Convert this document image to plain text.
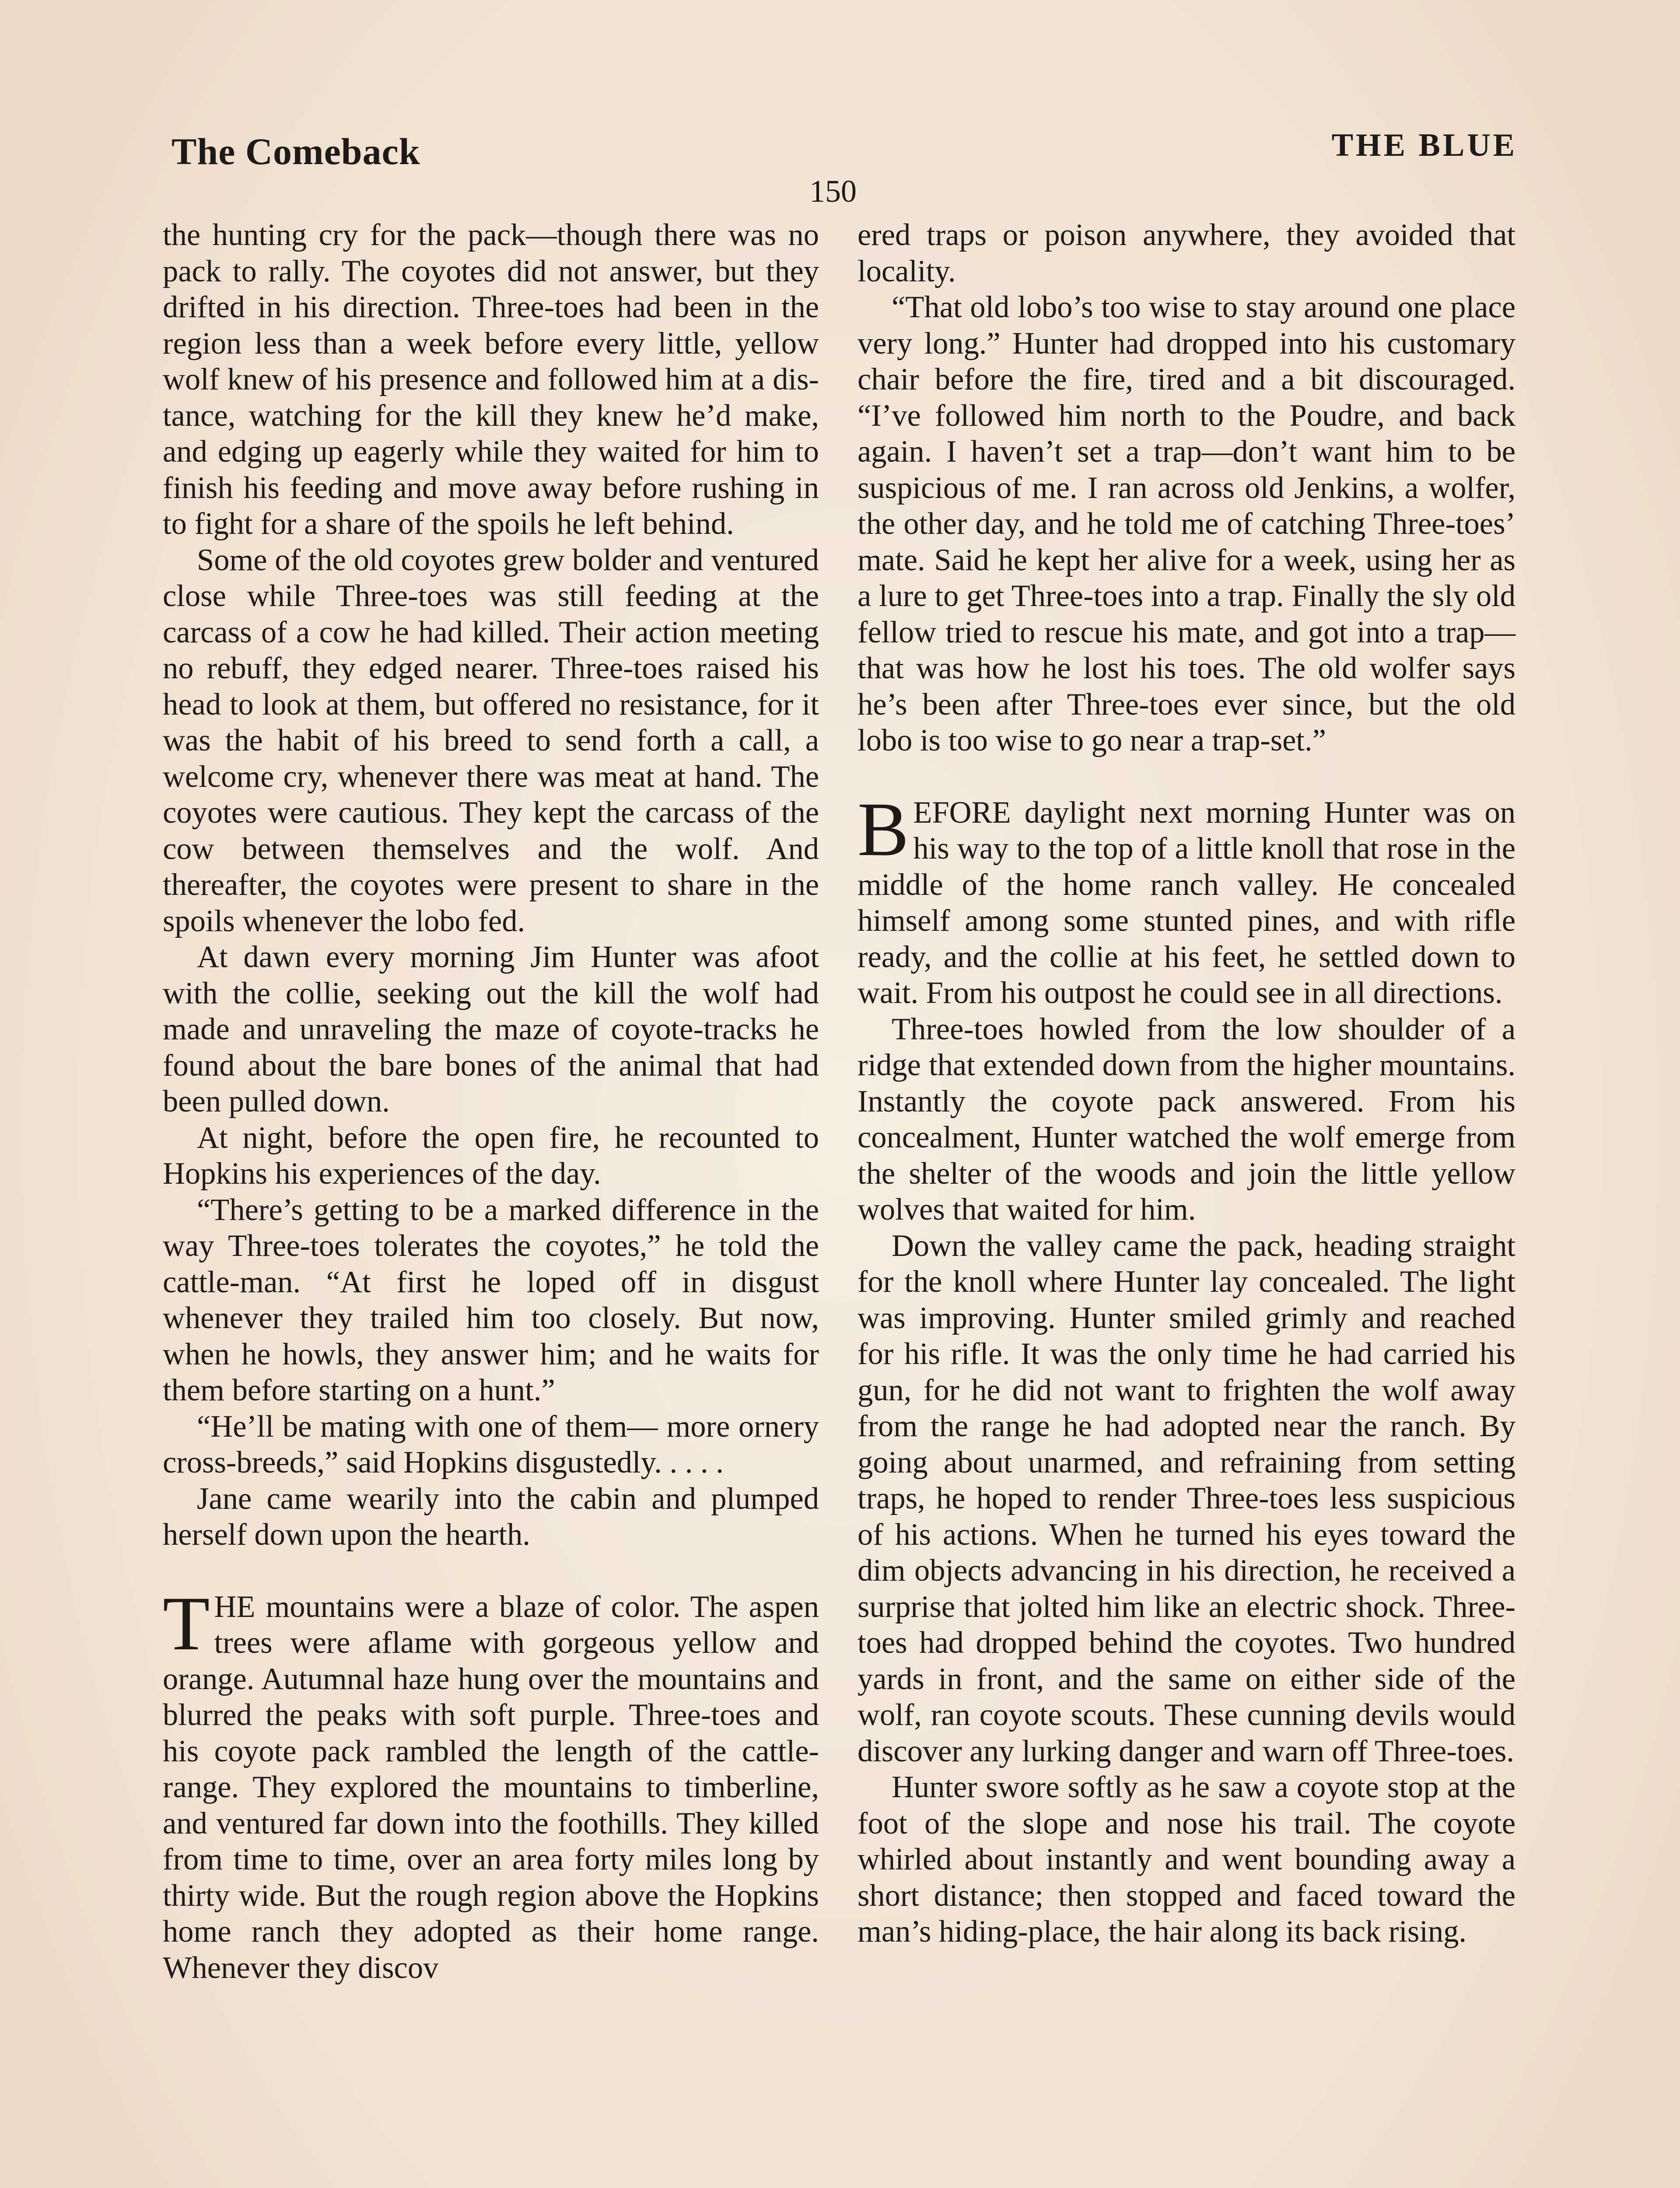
The Comeback	THE BLUE
150

the hunting cry for the pack—though there was no pack to rally. The coyotes did not answer, but they drifted in his direction. Three-toes had been in the region less than a week before every little, yellow wolf knew of his presence and followed him at a distance, watching for the kill they knew he’d make, and edging up eagerly while they waited for him to finish his feeding and move away before rushing in to fight for a share of the spoils he left behind.

Some of the old coyotes grew bolder and ventured close while Three-toes was still feeding at the carcass of a cow he had killed. Their action meeting no rebuff, they edged nearer. Three-toes raised his head to look at them, but offered no resistance, for it was the habit of his breed to send forth a call, a welcome cry, whenever there was meat at hand. The coyotes were cautious. They kept the carcass of the cow between themselves and the wolf. And thereafter, the coyotes were present to share in the spoils whenever the lobo fed.

At dawn every morning Jim Hunter was afoot with the collie, seeking out the kill the wolf had made and unraveling the maze of coyote-tracks he found about the bare bones of the animal that had been pulled down.

At night, before the open fire, he recounted to Hopkins his experiences of the day.

“There’s getting to be a marked difference in the way Three-toes tolerates the coyotes,” he told the cattle-man. “At first he loped off in disgust whenever they trailed him too closely. But now, when he howls, they answer him; and he waits for them before starting on a hunt.”

“He’ll be mating with one of them— more ornery cross-breeds,” said Hopkins disgustedly. . . . .

Jane came wearily into the cabin and plumped herself down upon the hearth.

THE mountains were a blaze of color. The aspen trees were aflame with gorgeous yellow and orange. Autumnal haze hung over the mountains and blurred the peaks with soft purple. Three-toes and his coyote pack rambled the length of the cattle-range. They explored the mountains to timberline, and ventured far down into the foothills. They killed from time to time, over an area forty miles long by thirty wide. But the rough region above the Hopkins home ranch they adopted as their home range. Whenever they discov

ered traps or poison anywhere, they avoided that locality.

“That old lobo’s too wise to stay around one place very long.” Hunter had dropped into his customary chair before the fire, tired and a bit discouraged. “I’ve followed him north to the Poudre, and back again. I haven’t set a trap—don’t want him to be suspicious of me. I ran across old Jenkins, a wolfer, the other day, and he told me of catching Three-toes’ mate. Said he kept her alive for a week, using her as a lure to get Three-toes into a trap. Finally the sly old fellow tried to rescue his mate, and got into a trap—that was how he lost his toes. The old wolfer says he’s been after Three-toes ever since, but the old lobo is too wise to go near a trap-set.”

BEFORE daylight next morning Hunter was on his way to the top of a little knoll that rose in the middle of the home ranch valley. He concealed himself among some stunted pines, and with rifle ready, and the collie at his feet, he settled down to wait. From his outpost he could see in all directions.

Three-toes howled from the low shoulder of a ridge that extended down from the higher mountains. Instantly the coyote pack answered. From his concealment, Hunter watched the wolf emerge from the shelter of the woods and join the little yellow wolves that waited for him.

Down the valley came the pack, heading straight for the knoll where Hunter lay concealed. The light was improving. Hunter smiled grimly and reached for his rifle. It was the only time he had carried his gun, for he did not want to frighten the wolf away from the range he had adopted near the ranch. By going about unarmed, and refraining from setting traps, he hoped to render Three-toes less suspicious of his actions. When he turned his eyes toward the dim objects advancing in his direction, he received a surprise that jolted him like an electric shock. Three-toes had dropped behind the coyotes. Two hundred yards in front, and the same on either side of the wolf, ran coyote scouts. These cunning devils would discover any lurking danger and warn off Three-toes.

Hunter swore softly as he saw a coyote stop at the foot of the slope and nose his trail. The coyote whirled about instantly and went bounding away a short distance; then stopped and faced toward the man’s hiding-place, the hair along its back rising.
